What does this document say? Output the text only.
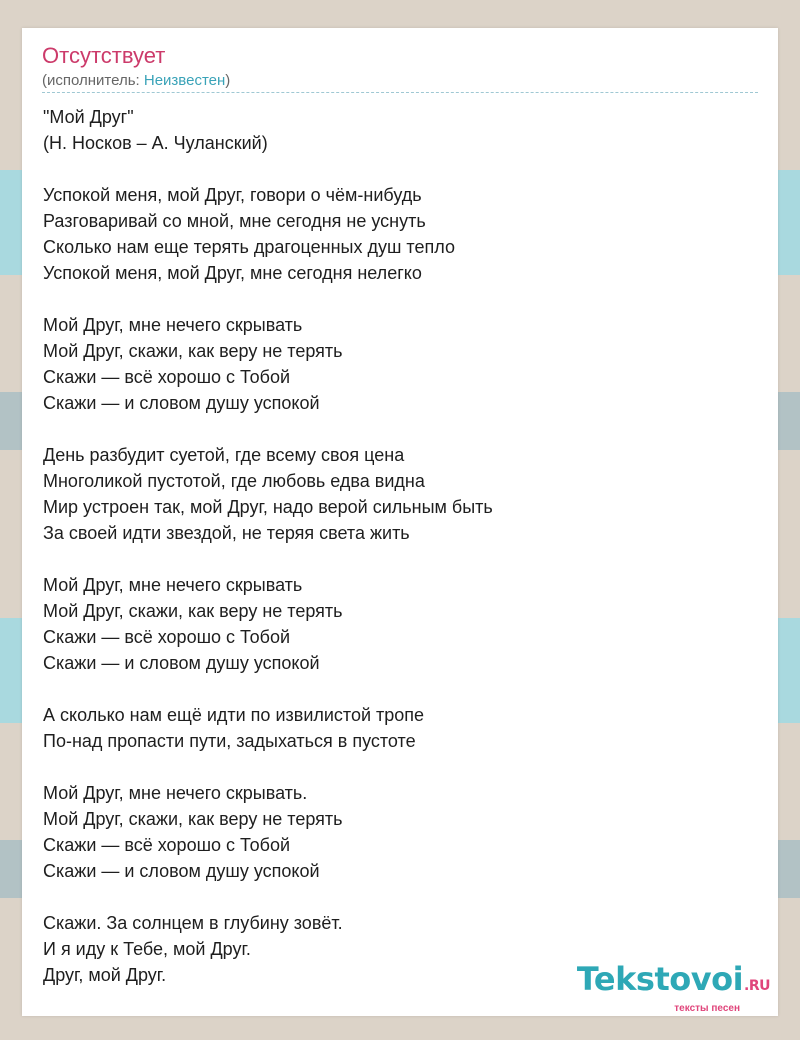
Отсутствует
(исполнитель: Неизвестен)
"Мой Друг"
(Н. Носков – А. Чуланский)
Успокой меня, мой Друг, говори о чём-нибудь
Разговаривай со мной, мне сегодня не уснуть
Сколько нам еще терять драгоценных душ тепло
Успокой меня, мой Друг, мне сегодня нелегко
Мой Друг, мне нечего скрывать
Мой Друг, скажи, как веру не терять
Скажи — всё хорошо с Тобой
Скажи — и словом душу успокой
День разбудит суетой, где всему своя цена
Многоликой пустотой, где любовь едва видна
Мир устроен так, мой Друг, надо верой сильным быть
За своей идти звездой, не теряя света жить
Мой Друг, мне нечего скрывать
Мой Друг, скажи, как веру не терять
Скажи — всё хорошо с Тобой
Скажи — и словом душу успокой
А сколько нам ещё идти по извилистой тропе
По-над пропасти пути, задыхаться в пустоте
Мой Друг, мне нечего скрывать.
Мой Друг, скажи, как веру не терять
Скажи — всё хорошо с Тобой
Скажи — и словом душу успокой
Скажи. За солнцем в глубину зовёт.
И я иду к Тебе, мой Друг.
Друг, мой Друг.	Tekstovoi.RU
тексты песен
